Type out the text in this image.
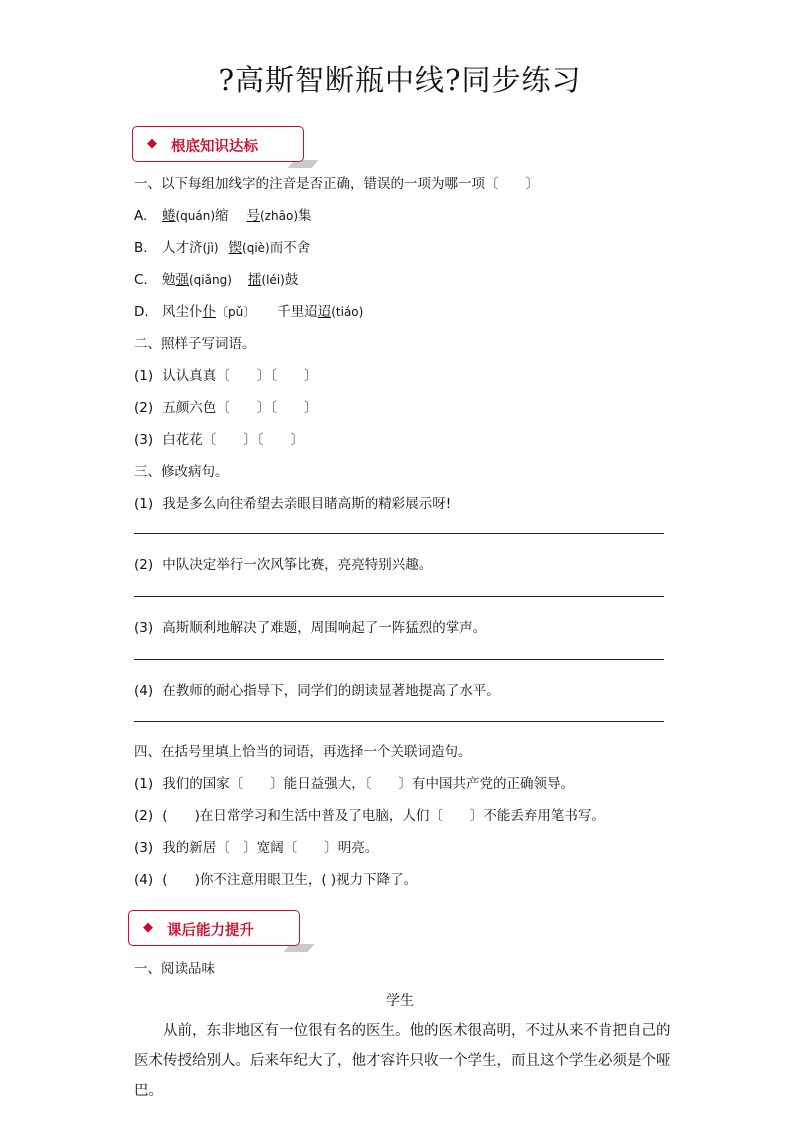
?高斯智断瓶中线?同步练习
◆ 根底知识达标
一、以下每组加线字的注音是否正确，错误的一项为哪一项〔　　〕
A. 蜷(quán)缩 号(zhāo)集
B. 人才济(jì) 锲(qiè)而不舍
C. 勉强(qiǎng) 擂(léi)鼓
D. 风尘仆仆〔pǔ〕 千里迢迢(tiáo)
二、照样子写词语。
(1) 认认真真〔　　〕〔　　〕
(2) 五颜六色〔　　〕〔　　〕
(3) 白花花〔　　〕〔　　〕
三、修改病句。
(1) 我是多么向往希望去亲眼目睹高斯的精彩展示呀!
(2) 中队决定举行一次风筝比赛，亮亮特别兴趣。
(3) 高斯顺利地解决了难题，周围响起了一阵猛烈的掌声。
(4) 在教师的耐心指导下，同学们的朗读显著地提高了水平。
四、在括号里填上恰当的词语，再选择一个关联词造句。
(1) 我们的国家〔　　〕能日益强大，〔　　〕有中国共产党的正确领导。
(2) (　　)在日常学习和生活中普及了电脑，人们〔　　〕不能丢弃用笔书写。
(3) 我的新居〔　〕宽阔〔　　〕明亮。
(4) (　　)你不注意用眼卫生，( )视力下降了。
◆ 课后能力提升
一、阅读品味
学生
从前，东非地区有一位很有名的医生。他的医术很高明，不过从来不肯把自己的医术传授给别人。后来年纪大了，他才容许只收一个学生，而且这个学生必须是个哑巴。
